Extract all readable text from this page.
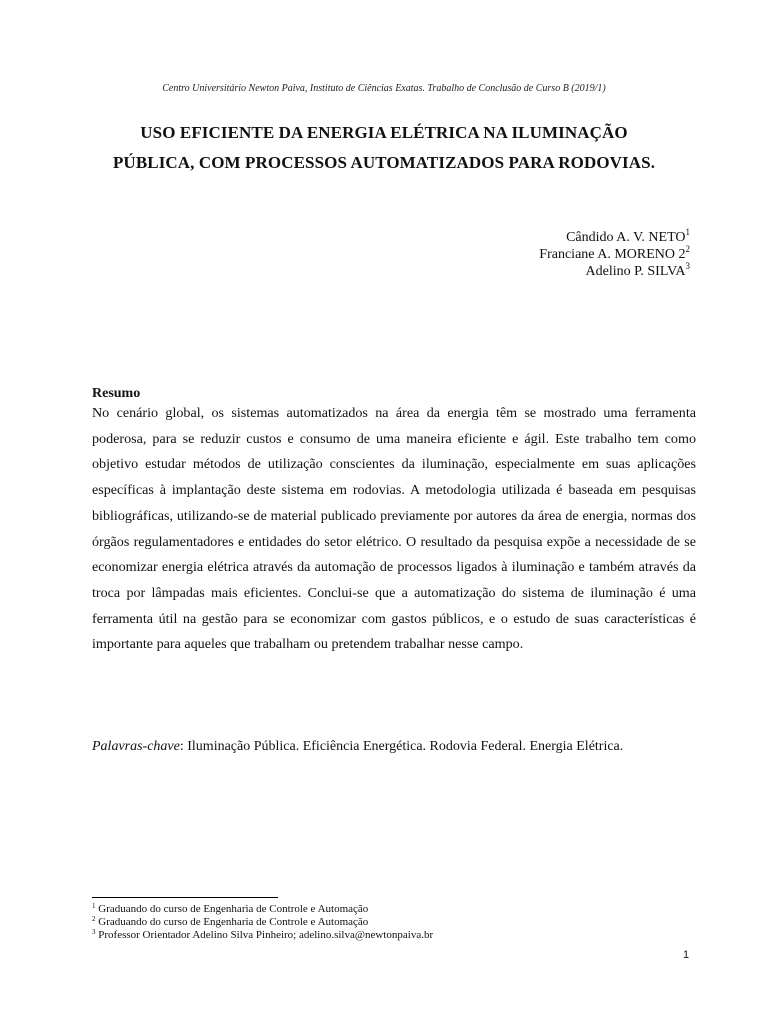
Centro Universitário Newton Paiva, Instituto de Ciências Exatas. Trabalho de Conclusão de Curso B (2019/1)
USO EFICIENTE DA ENERGIA ELÉTRICA NA ILUMINAÇÃO
PÚBLICA, COM PROCESSOS AUTOMATIZADOS PARA RODOVIAS.
Cândido A. V. NETO$^1$
Franciane A. MORENO $2^2$
Adelino P. SILVA$^3$
Resumo

No cenário global, os sistemas automatizados na área da energia têm se mostrado uma ferramenta poderosa, para se reduzir custos e consumo de uma maneira eficiente e ágil. Este trabalho tem como objetivo estudar métodos de utilização conscientes da iluminação, especialmente em suas aplicações específicas à implantação deste sistema em rodovias. A metodologia utilizada é baseada em pesquisas bibliográficas, utilizando-se de material publicado previamente por autores da área de energia, normas dos órgãos regulamentadores e entidades do setor elétrico. O resultado da pesquisa expõe a necessidade de se economizar energia elétrica através da automação de processos ligados à iluminação e também através da troca por lâmpadas mais eficientes. Conclui-se que a automatização do sistema de iluminação é uma ferramenta útil na gestão para se economizar com gastos públicos, e o estudo de suas características é importante para aqueles que trabalham ou pretendem trabalhar nesse campo.

Palavras-chave: Iluminação Pública. Eficiência Energética. Rodovia Federal. Energia Elétrica.
$^1$ Graduando do curso de Engenharia de Controle e Automação
$^2$ Graduando do curso de Engenharia de Controle e Automação
$^3$ Professor Orientador Adelino Silva Pinheiro; adelino.silva@newtonpaiva.br
1
